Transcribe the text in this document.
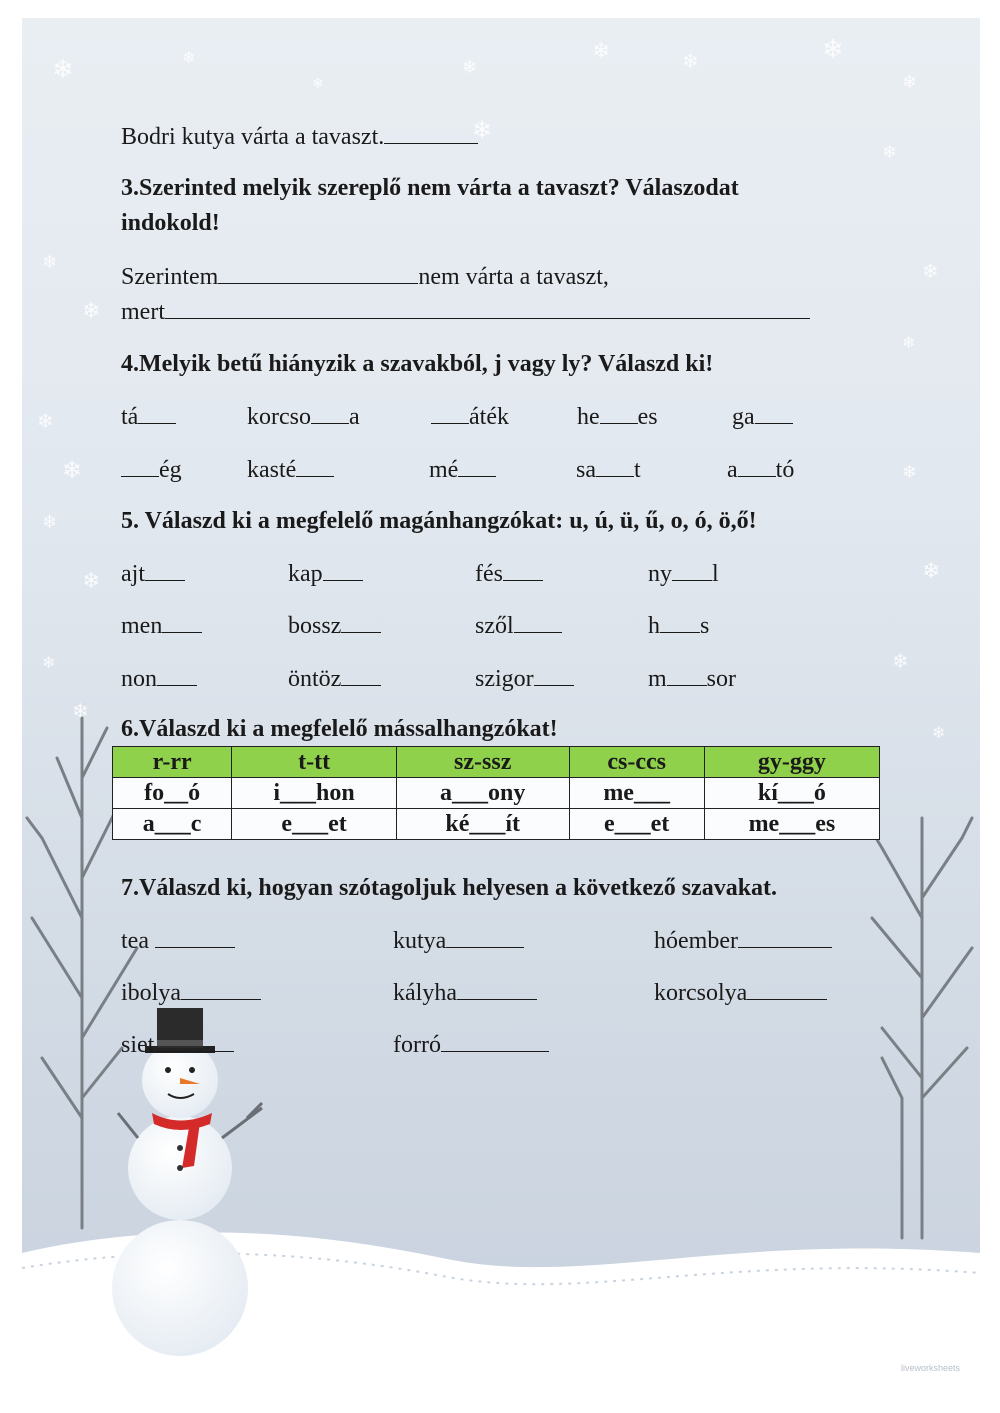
❄	❄
❄
❄
❄	❄	❄
❄
❄
❄
❄
❄
❄
❄
❄
❄
❄
❄
❄
❄
❄
❄
❄
❄
Bodri kutya várta a tavaszt.
3.Szerinted melyik szereplő nem várta a tavaszt? Válaszodat
indokold!
Szerintem	nem várta a tavaszt,
mert
4.Melyik betű hiányzik a szavakból, j vagy ly? Válaszd ki!
tá	korcso a	áték	he es	ga
ég	kasté	mé	sa t	a tó
5. Válaszd ki a megfelelő magánhangzókat: u, ú, ü, ű, o, ó, ö,ő!
ajt	kap	fés	ny l
men	bossz	szől	h s
non	öntöz	szigor	m sor
6.Válaszd ki a megfelelő mássalhangzókat!
r-rr	t-tt	sz-ssz	cs-ccs	gy-ggy
fo__ó	i___hon	a___ony	me___	kí___ó
a___c	e___et	ké___ít	e___et	me___es
7.Válaszd ki, hogyan szótagoljuk helyesen a következő szavakat.
tea	kutya	hóember
ibolya	kályha	korcsolya
siet	forró
liveworksheets
